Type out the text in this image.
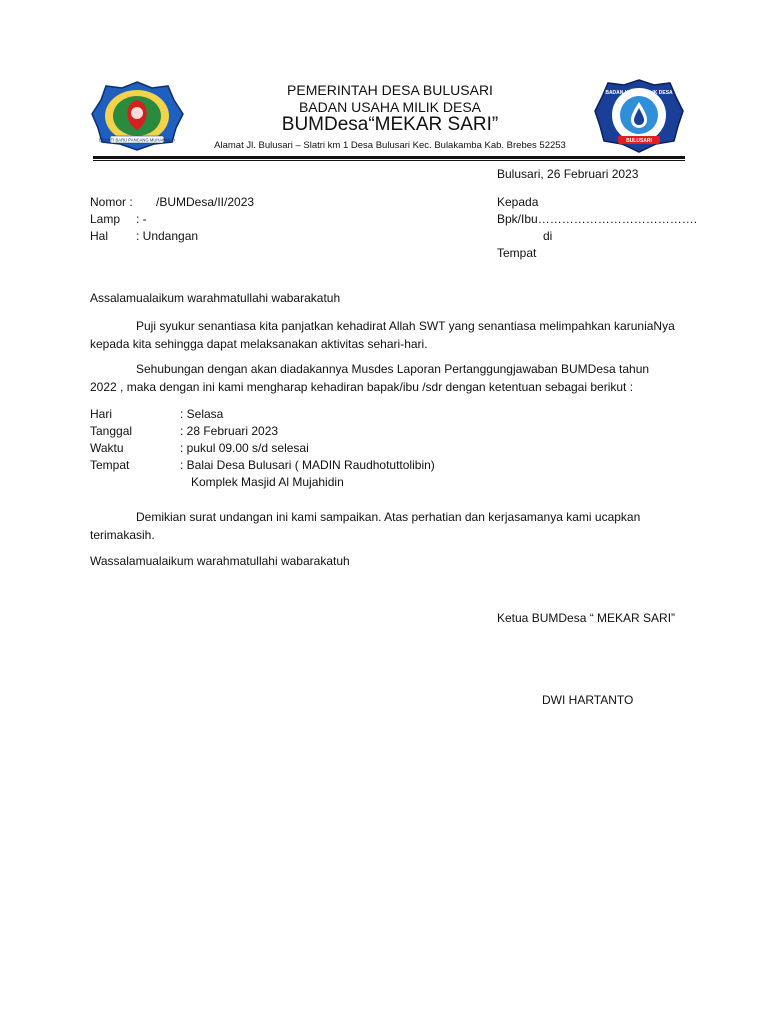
BRANTI BARU PANCANG MUHAMMAD
BADAN USAHA MILIK DESA
BULUSARI
PEMERINTAH DESA BULUSARI
BADAN USAHA MILIK DESA
BUMDesa“MEKAR SARI”
Alamat Jl. Bulusari – Slatri km 1 Desa Bulusari Kec. Bulakamba Kab. Brebes 52253
Bulusari, 26 Februari 2023
Nomor : /BUMDesa/II/2023
Lamp : -
Hal : Undangan
Kepada
Bpk/Ibu………………………………….
di
Tempat
Assalamualaikum warahmatullahi wabarakatuh
Puji syukur senantiasa kita panjatkan kehadirat Allah SWT yang senantiasa melimpahkan karuniaNya kepada kita sehingga dapat melaksanakan aktivitas sehari-hari.
Sehubungan dengan akan diadakannya Musdes Laporan Pertanggungjawaban BUMDesa tahun
2022 , maka dengan ini kami mengharap kehadiran bapak/ibu /sdr dengan ketentuan sebagai berikut :
Hari	: Selasa
Tanggal	: 28 Februari 2023
Waktu	: pukul 09.00 s/d selesai
Tempat	: Balai Desa Bulusari ( MADIN Raudhotuttolibin)
Komplek Masjid Al Mujahidin
Demikian surat undangan ini kami sampaikan. Atas perhatian dan kerjasamanya kami ucapkan
terimakasih.
Wassalamualaikum warahmatullahi wabarakatuh
Ketua BUMDesa “ MEKAR SARI”
DWI HARTANTO
